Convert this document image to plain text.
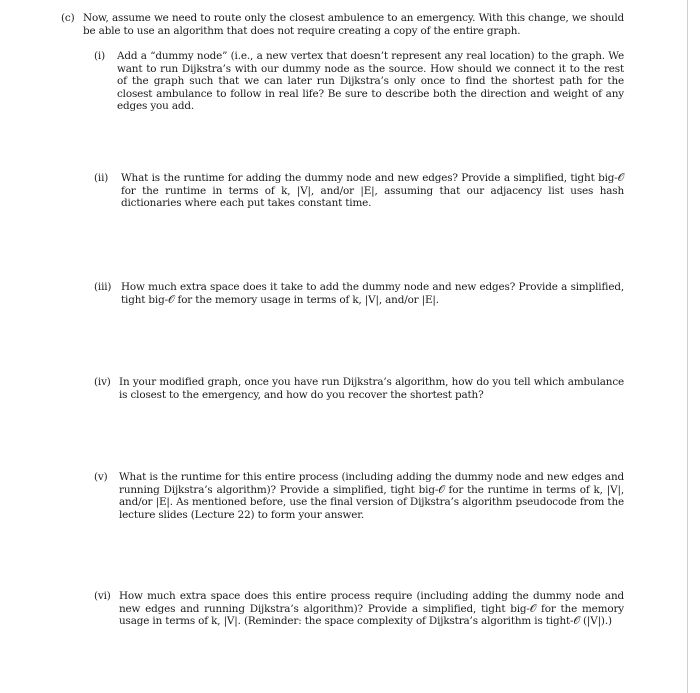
(c) Now, assume we need to route only the closest ambulence to an emergency. With this change, we should be able to use an algorithm that does not require creating a copy of the entire graph.
(i)	Add a “dummy node” (i.e., a new vertex that doesn’t represent any real location) to the graph. We want to run Dijkstra’s with our dummy node as the source. How should we connect it to the rest of the graph such that we can later run Dijkstra’s only once to find the shortest path for the closest ambulance to follow in real life? Be sure to describe both the direction and weight of any edges you add.
(ii)	What is the runtime for adding the dummy node and new edges? Provide a simplified, tight big-𝒪 for the runtime in terms of k, |V|, and/or |E|, assuming that our adjacency list uses hash dictionaries where each put takes constant time.
(iii) How much extra space does it take to add the dummy node and new edges? Provide a simplified, tight big-𝒪 for the memory usage in terms of k, |V|, and/or |E|.
(iv) In your modified graph, once you have run Dijkstra’s algorithm, how do you tell which ambulance is closest to the emergency, and how do you recover the shortest path?
(v)	What is the runtime for this entire process (including adding the dummy node and new edges and running Dijkstra’s algorithm)? Provide a simplified, tight big-𝒪 for the runtime in terms of k, |V|, and/or |E|. As mentioned before, use the final version of Dijkstra’s algorithm pseudocode from the lecture slides (Lecture 22) to form your answer.
(vi) How much extra space does this entire process require (including adding the dummy node and new edges and running Dijkstra’s algorithm)? Provide a simplified, tight big-𝒪 for the memory usage in terms of k, |V|. (Reminder: the space complexity of Dijkstra’s algorithm is tight-𝒪 (|V|).)
